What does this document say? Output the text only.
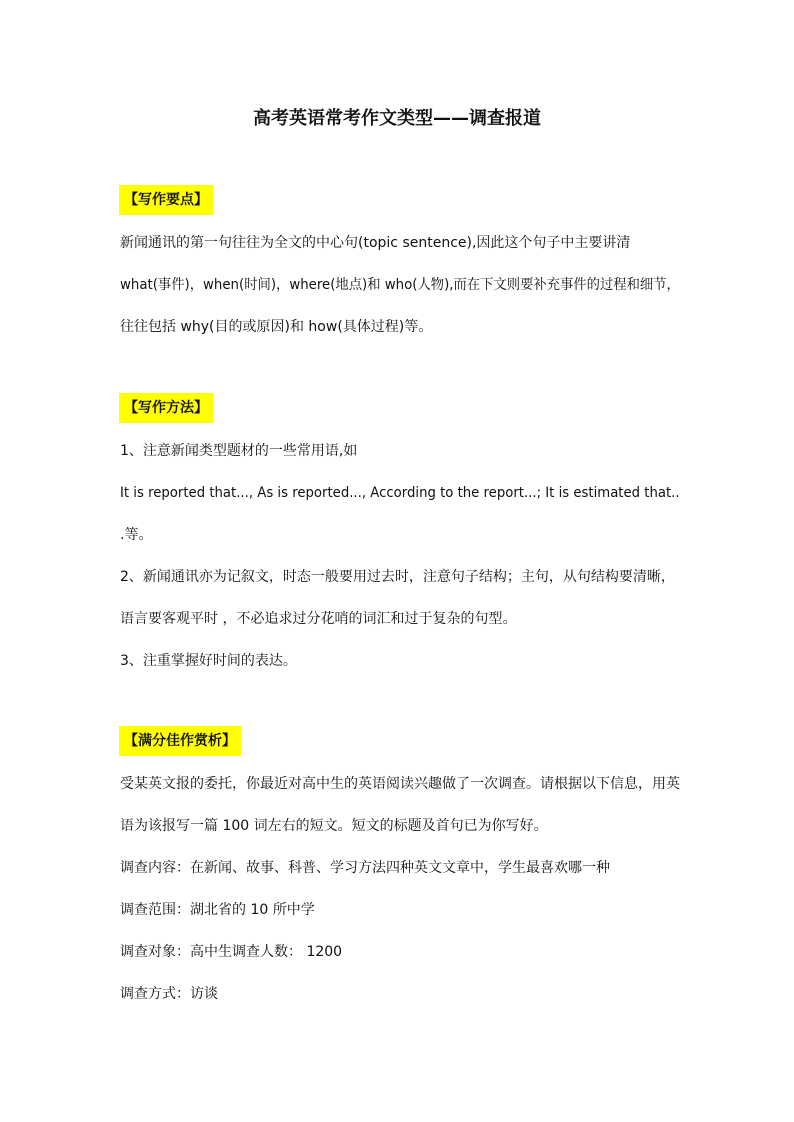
高考英语常考作文类型——调查报道
【写作要点】
新闻通讯的第一句往往为全文的中心句(topic sentence),因此这个句子中主要讲清
what(事件)，when(时间)，where(地点)和 who(人物),而在下文则要补充事件的过程和细节，
往往包括 why(目的或原因)和 how(具体过程)等。
【写作方法】
1、注意新闻类型题材的一些常用语,如
It is reported that..., As is reported..., According to the report...; It is estimated that..
.等。
2、新闻通讯亦为记叙文，时态一般要用过去时，注意句子结构；主句，从句结构要清晰，
语言要客观平时 ，不必追求过分花哨的词汇和过于复杂的句型。
3、注重掌握好时间的表达。
【满分佳作赏析】
受某英文报的委托，你最近对高中生的英语阅读兴趣做了一次调查。请根据以下信息，用英
语为该报写一篇 100 词左右的短文。短文的标题及首句已为你写好。
调查内容：在新闻、故事、科普、学习方法四种英文文章中，学生最喜欢哪一种
调查范围：湖北省的 10 所中学
调查对象：高中生调查人数： 1200
调查方式：访谈
